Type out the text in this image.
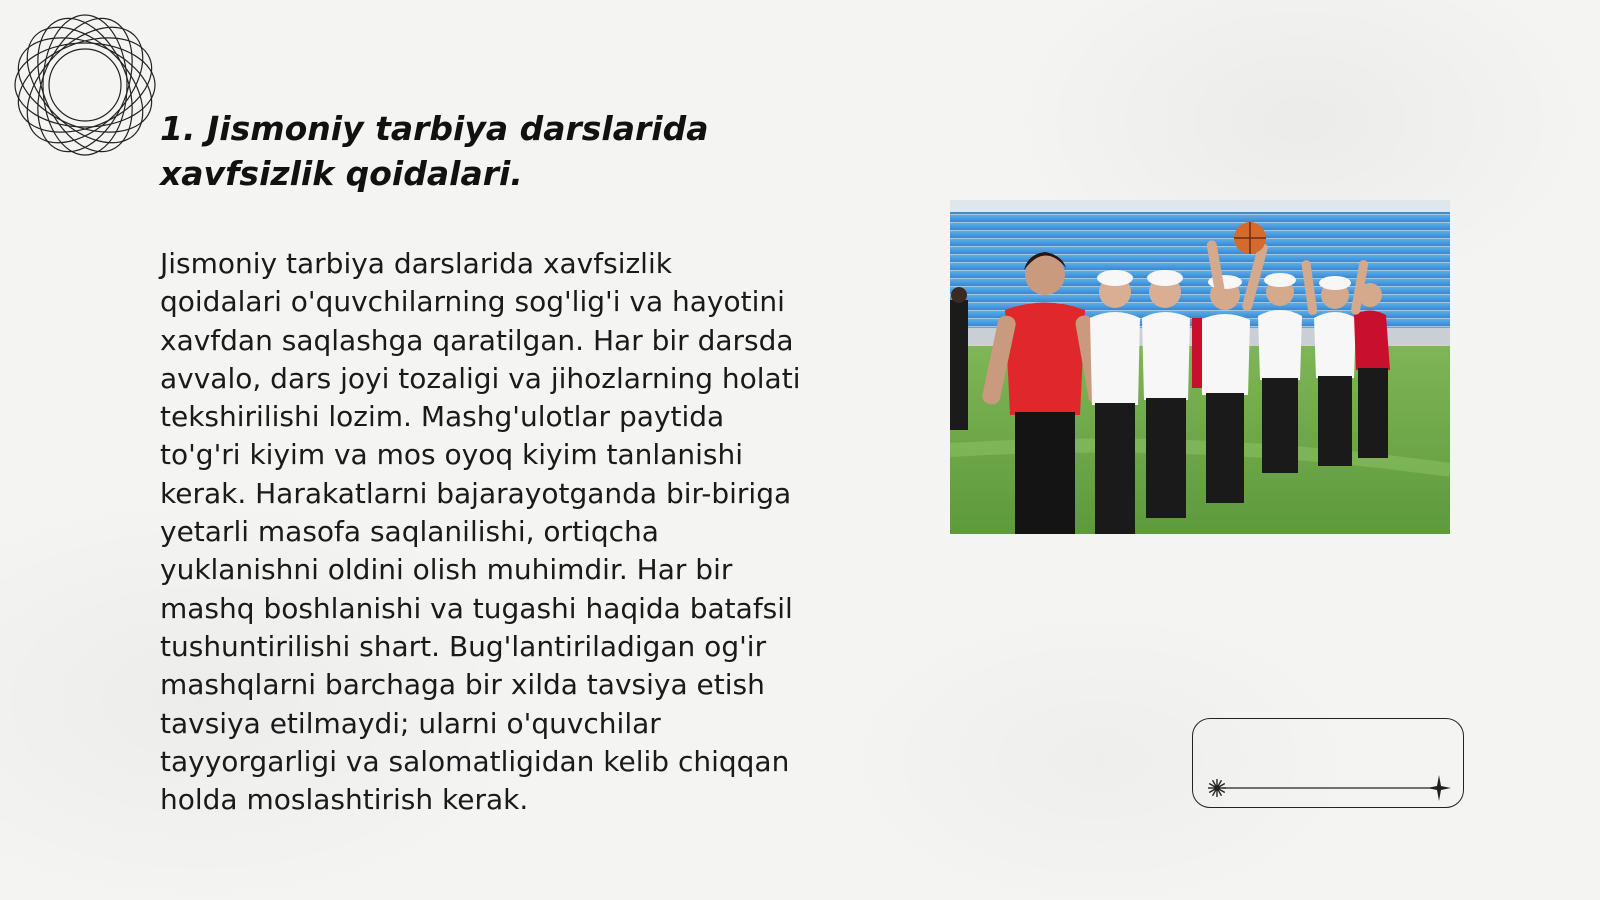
1. Jismoniy tarbiya darslarida
xavfsizlik qoidalari.

Jismoniy tarbiya darslarida xavfsizlik
qoidalari o'quvchilarning sog'lig'i va hayotini
xavfdan saqlashga qaratilgan. Har bir darsda
avvalo, dars joyi tozaligi va jihozlarning holati
tekshirilishi lozim. Mashg'ulotlar paytida
to'g'ri kiyim va mos oyoq kiyim tanlanishi
kerak. Harakatlarni bajarayotganda bir-biriga
yetarli masofa saqlanilishi, ortiqcha
yuklanishni oldini olish muhimdir. Har bir
mashq boshlanishi va tugashi haqida batafsil
tushuntirilishi shart. Bug'lantiriladigan og'ir
mashqlarni barchaga bir xilda tavsiya etish
tavsiya etilmaydi; ularni o'quvchilar
tayyorgarligi va salomatligidan kelib chiqqan
holda moslashtirish kerak.
